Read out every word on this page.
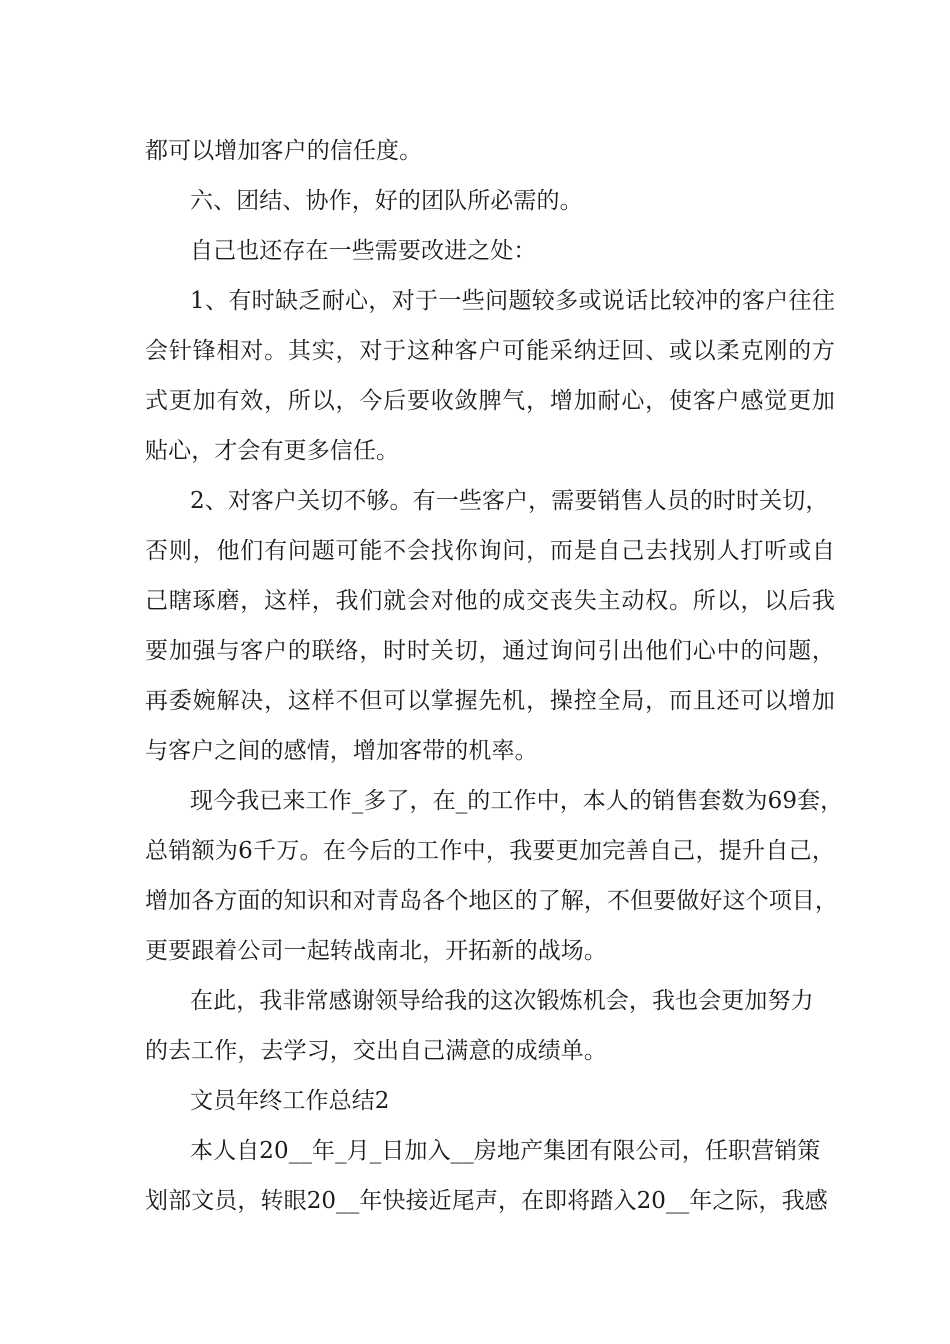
都可以增加客户的信任度。
六、团结、协作，好的团队所必需的。
自己也还存在一些需要改进之处：
1、有时缺乏耐心，对于一些问题较多或说话比较冲的客户往往
会针锋相对。其实，对于这种客户可能采纳迂回、或以柔克刚的方
式更加有效，所以，今后要收敛脾气，增加耐心，使客户感觉更加
贴心，才会有更多信任。
2、对客户关切不够。有一些客户，需要销售人员的时时关切，
否则，他们有问题可能不会找你询问，而是自己去找别人打听或自
己瞎琢磨，这样，我们就会对他的成交丧失主动权。所以，以后我
要加强与客户的联络，时时关切，通过询问引出他们心中的问题，
再委婉解决，这样不但可以掌握先机，操控全局，而且还可以增加
与客户之间的感情，增加客带的机率。
现今我已来工作_多了，在_的工作中，本人的销售套数为69套，
总销额为6千万。在今后的工作中，我要更加完善自己，提升自己，
增加各方面的知识和对青岛各个地区的了解，不但要做好这个项目，
更要跟着公司一起转战南北，开拓新的战场。
在此，我非常感谢领导给我的这次锻炼机会，我也会更加努力
的去工作，去学习，交出自己满意的成绩单。
文员年终工作总结2
本人自20__年_月_日加入__房地产集团有限公司，任职营销策
划部文员，转眼20__年快接近尾声，在即将踏入20__年之际，我感
